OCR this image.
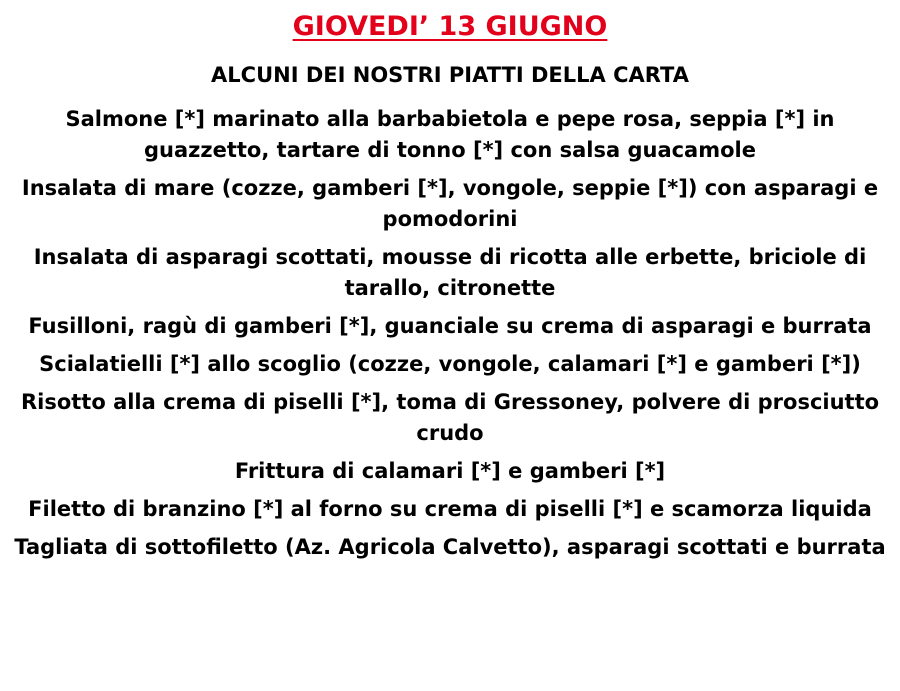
GIOVEDI’ 13 GIUGNO
ALCUNI DEI NOSTRI PIATTI DELLA CARTA
Salmone [*] marinato alla barbabietola e pepe rosa, seppia [*] in guazzetto, tartare di tonno [*] con salsa guacamole
Insalata di mare (cozze, gamberi [*], vongole, seppie [*]) con asparagi e pomodorini
Insalata di asparagi scottati, mousse di ricotta alle erbette, briciole di tarallo, citronette
Fusilloni, ragù di gamberi [*], guanciale su crema di asparagi e burrata
Scialatielli [*] allo scoglio (cozze, vongole, calamari [*] e gamberi [*])
Risotto alla crema di piselli [*], toma di Gressoney, polvere di prosciutto crudo
Frittura di calamari [*] e gamberi [*]
Filetto di branzino [*] al forno su crema di piselli [*] e scamorza liquida
Tagliata di sottofiletto (Az. Agricola Calvetto), asparagi scottati e burrata
